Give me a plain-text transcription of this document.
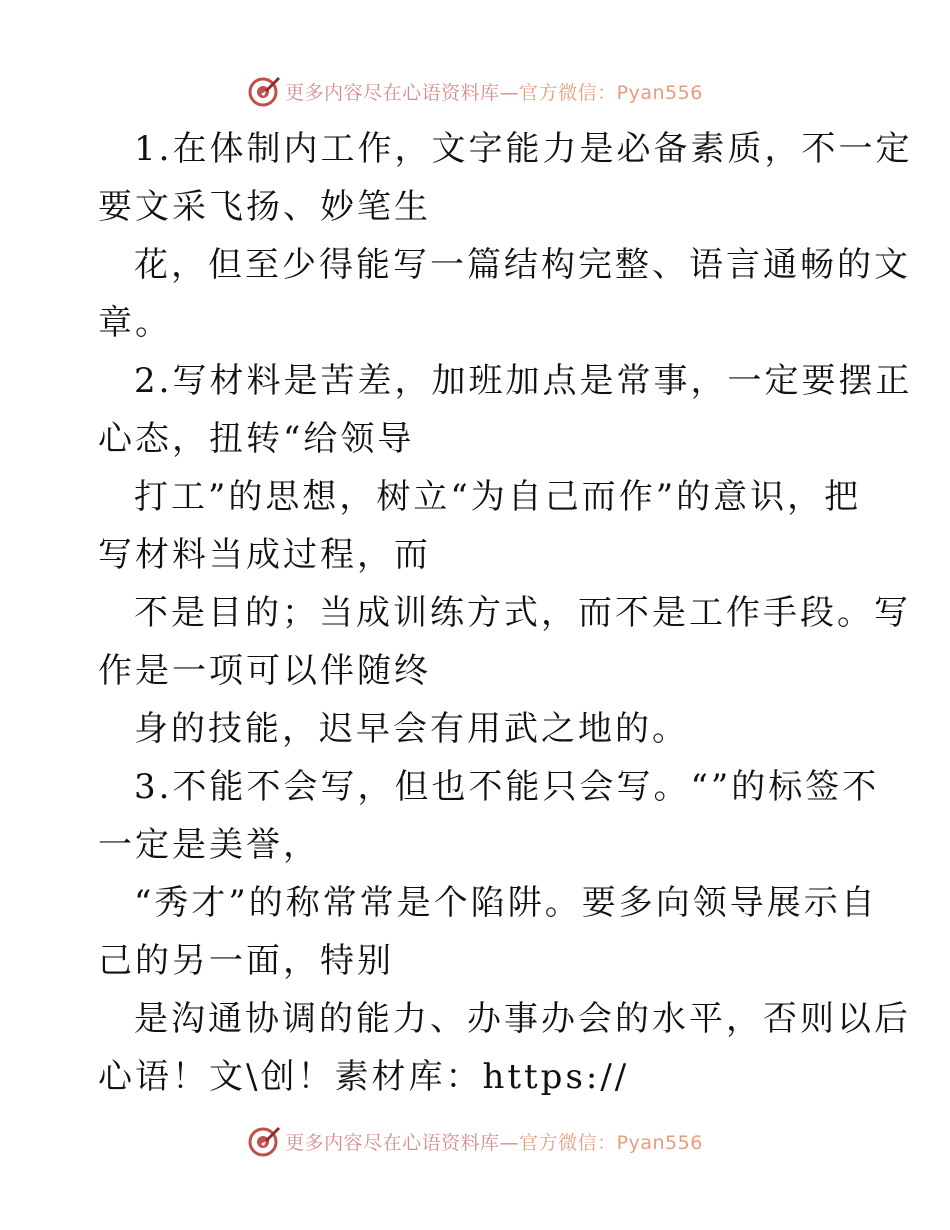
更多内容尽在心语资料库—官方微信：Pyan556
1.在体制内工作，文字能力是必备素质，不一定
要文采飞扬、妙笔生
花，但至少得能写一篇结构完整、语言通畅的文
章。
2.写材料是苦差，加班加点是常事，一定要摆正
心态，扭转“给领导
打工”的思想，树立“为自己而作”的意识，把
写材料当成过程，而
不是目的；当成训练方式，而不是工作手段。写
作是一项可以伴随终
身的技能，迟早会有用武之地的。
3.不能不会写，但也不能只会写。“”的标签不
一定是美誉，
“秀才”的称常常是个陷阱。要多向领导展示自
己的另一面，特别
是沟通协调的能力、办事办会的水平，否则以后
心语！文\创！素材库：https://
更多内容尽在心语资料库—官方微信：Pyan556
